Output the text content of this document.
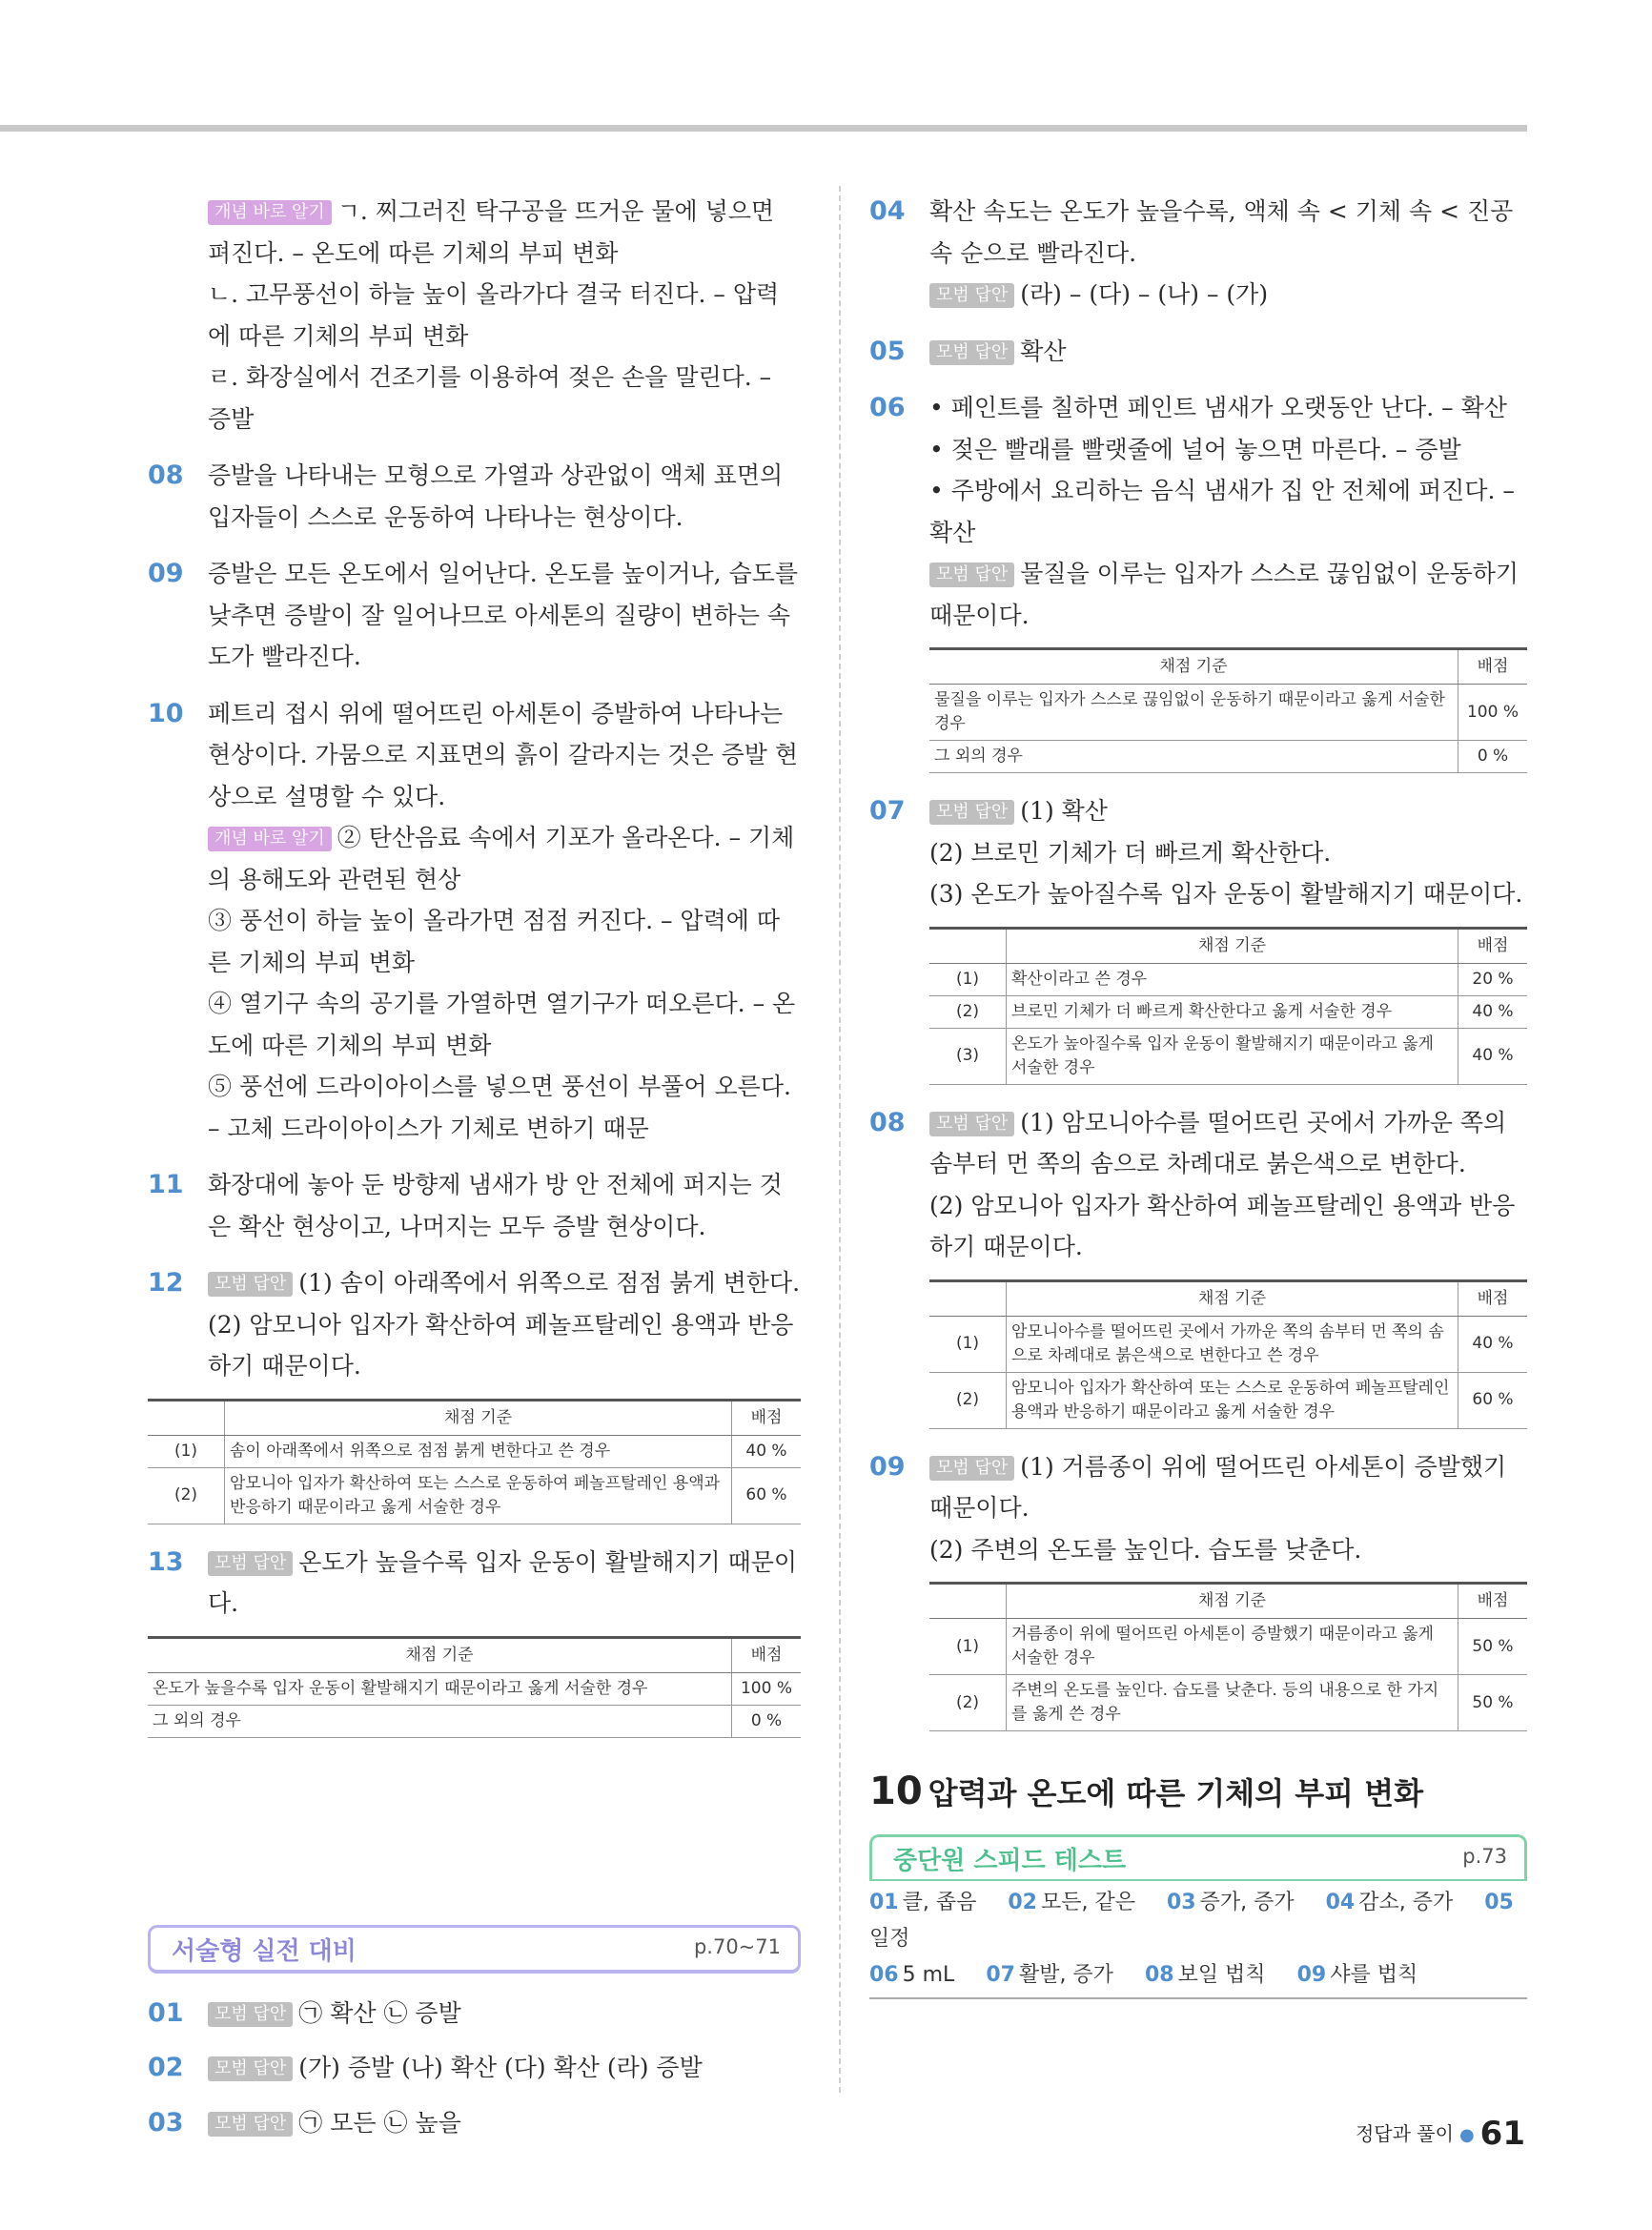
개념 바로 알기 ㄱ. 찌그러진 탁구공을 뜨거운 물에 넣으면 펴진다. – 온도에 따른 기체의 부피 변화

ㄴ. 고무풍선이 하늘 높이 올라가다 결국 터진다. – 압력에 따른 기체의 부피 변화

ㄹ. 화장실에서 건조기를 이용하여 젖은 손을 말린다. – 증발

08 증발을 나타내는 모형으로 가열과 상관없이 액체 표면의 입자들이 스스로 운동하여 나타나는 현상이다.

09 증발은 모든 온도에서 일어난다. 온도를 높이거나, 습도를 낮추면 증발이 잘 일어나므로 아세톤의 질량이 변하는 속도가 빨라진다.

10 페트리 접시 위에 떨어뜨린 아세톤이 증발하여 나타나는 현상이다. 가뭄으로 지표면의 흙이 갈라지는 것은 증발 현상으로 설명할 수 있다.

개념 바로 알기 ② 탄산음료 속에서 기포가 올라온다. – 기체의 용해도와 관련된 현상

③ 풍선이 하늘 높이 올라가면 점점 커진다. – 압력에 따른 기체의 부피 변화

④ 열기구 속의 공기를 가열하면 열기구가 떠오른다. – 온도에 따른 기체의 부피 변화

⑤ 풍선에 드라이아이스를 넣으면 풍선이 부풀어 오른다. – 고체 드라이아이스가 기체로 변하기 때문

11 화장대에 놓아 둔 방향제 냄새가 방 안 전체에 퍼지는 것은 확산 현상이고, 나머지는 모두 증발 현상이다.

12	모범 답안 (1) 솜이 아래쪽에서 위쪽으로 점점 붉게 변한다.

(2) 암모니아 입자가 확산하여 페놀프탈레인 용액과 반응하기 때문이다.

	채점 기준	배점
(1)	솜이 아래쪽에서 위쪽으로 점점 붉게 변한다고 쓴 경우	40 %
(2)	암모니아 입자가 확산하여 또는 스스로 운동하여 페놀프탈레인 용액과 반응하기 때문이라고 옳게 서술한 경우	60 %
13	모범 답안 온도가 높을수록 입자 운동이 활발해지기 때문이다.

채점 기준	배점
온도가 높을수록 입자 운동이 활발해지기 때문이라고 옳게 서술한 경우	100 %
그 외의 경우	0 %
서술형 실전 대비	p.70~71
01	모범 답안 ㉠ 확산 ㉡ 증발

02	모범 답안 (가) 증발 (나) 확산 (다) 확산 (라) 증발

03	모범 답안 ㉠ 모든 ㉡ 높을

04 확산 속도는 온도가 높을수록, 액체 속 < 기체 속 < 진공 속 순으로 빨라진다.

모범 답안 (라) – (다) – (나) – (가)

05	모범 답안 확산

06 • 페인트를 칠하면 페인트 냄새가 오랫동안 난다. – 확산

• 젖은 빨래를 빨랫줄에 널어 놓으면 마른다. – 증발

• 주방에서 요리하는 음식 냄새가 집 안 전체에 퍼진다. – 확산

모범 답안 물질을 이루는 입자가 스스로 끊임없이 운동하기 때문이다.

채점 기준	배점
물질을 이루는 입자가 스스로 끊임없이 운동하기 때문이라고 옳게 서술한 경우	100 %
그 외의 경우	0 %
07	모범 답안 (1) 확산

(2) 브로민 기체가 더 빠르게 확산한다.

(3) 온도가 높아질수록 입자 운동이 활발해지기 때문이다.

	채점 기준	배점
(1)	확산이라고 쓴 경우	20 %
(2)	브로민 기체가 더 빠르게 확산한다고 옳게 서술한 경우	40 %
(3)	온도가 높아질수록 입자 운동이 활발해지기 때문이라고 옳게 서술한 경우	40 %
08	모범 답안 (1) 암모니아수를 떨어뜨린 곳에서 가까운 쪽의 솜부터 먼 쪽의 솜으로 차례대로 붉은색으로 변한다.

(2) 암모니아 입자가 확산하여 페놀프탈레인 용액과 반응하기 때문이다.

	채점 기준	배점
(1)	암모니아수를 떨어뜨린 곳에서 가까운 쪽의 솜부터 먼 쪽의 솜으로 차례대로 붉은색으로 변한다고 쓴 경우	40 %
(2)	암모니아 입자가 확산하여 또는 스스로 운동하여 페놀프탈레인 용액과 반응하기 때문이라고 옳게 서술한 경우	60 %
09	모범 답안 (1) 거름종이 위에 떨어뜨린 아세톤이 증발했기 때문이다.

(2) 주변의 온도를 높인다. 습도를 낮춘다.

	채점 기준	배점
(1)	거름종이 위에 떨어뜨린 아세톤이 증발했기 때문이라고 옳게 서술한 경우	50 %
(2)	주변의 온도를 높인다. 습도를 낮춘다. 등의 내용으로 한 가지를 옳게 쓴 경우	50 %
10 압력과 온도에 따른 기체의 부피 변화
중단원 스피드 테스트	p.73
01 클, 좁음 02 모든, 같은 03 증가, 증가 04 감소, 증가 05일정
06 5 mL 07 활발, 증가 08 보일 법칙 09 샤를 법칙
정답과 풀이 ● 61
